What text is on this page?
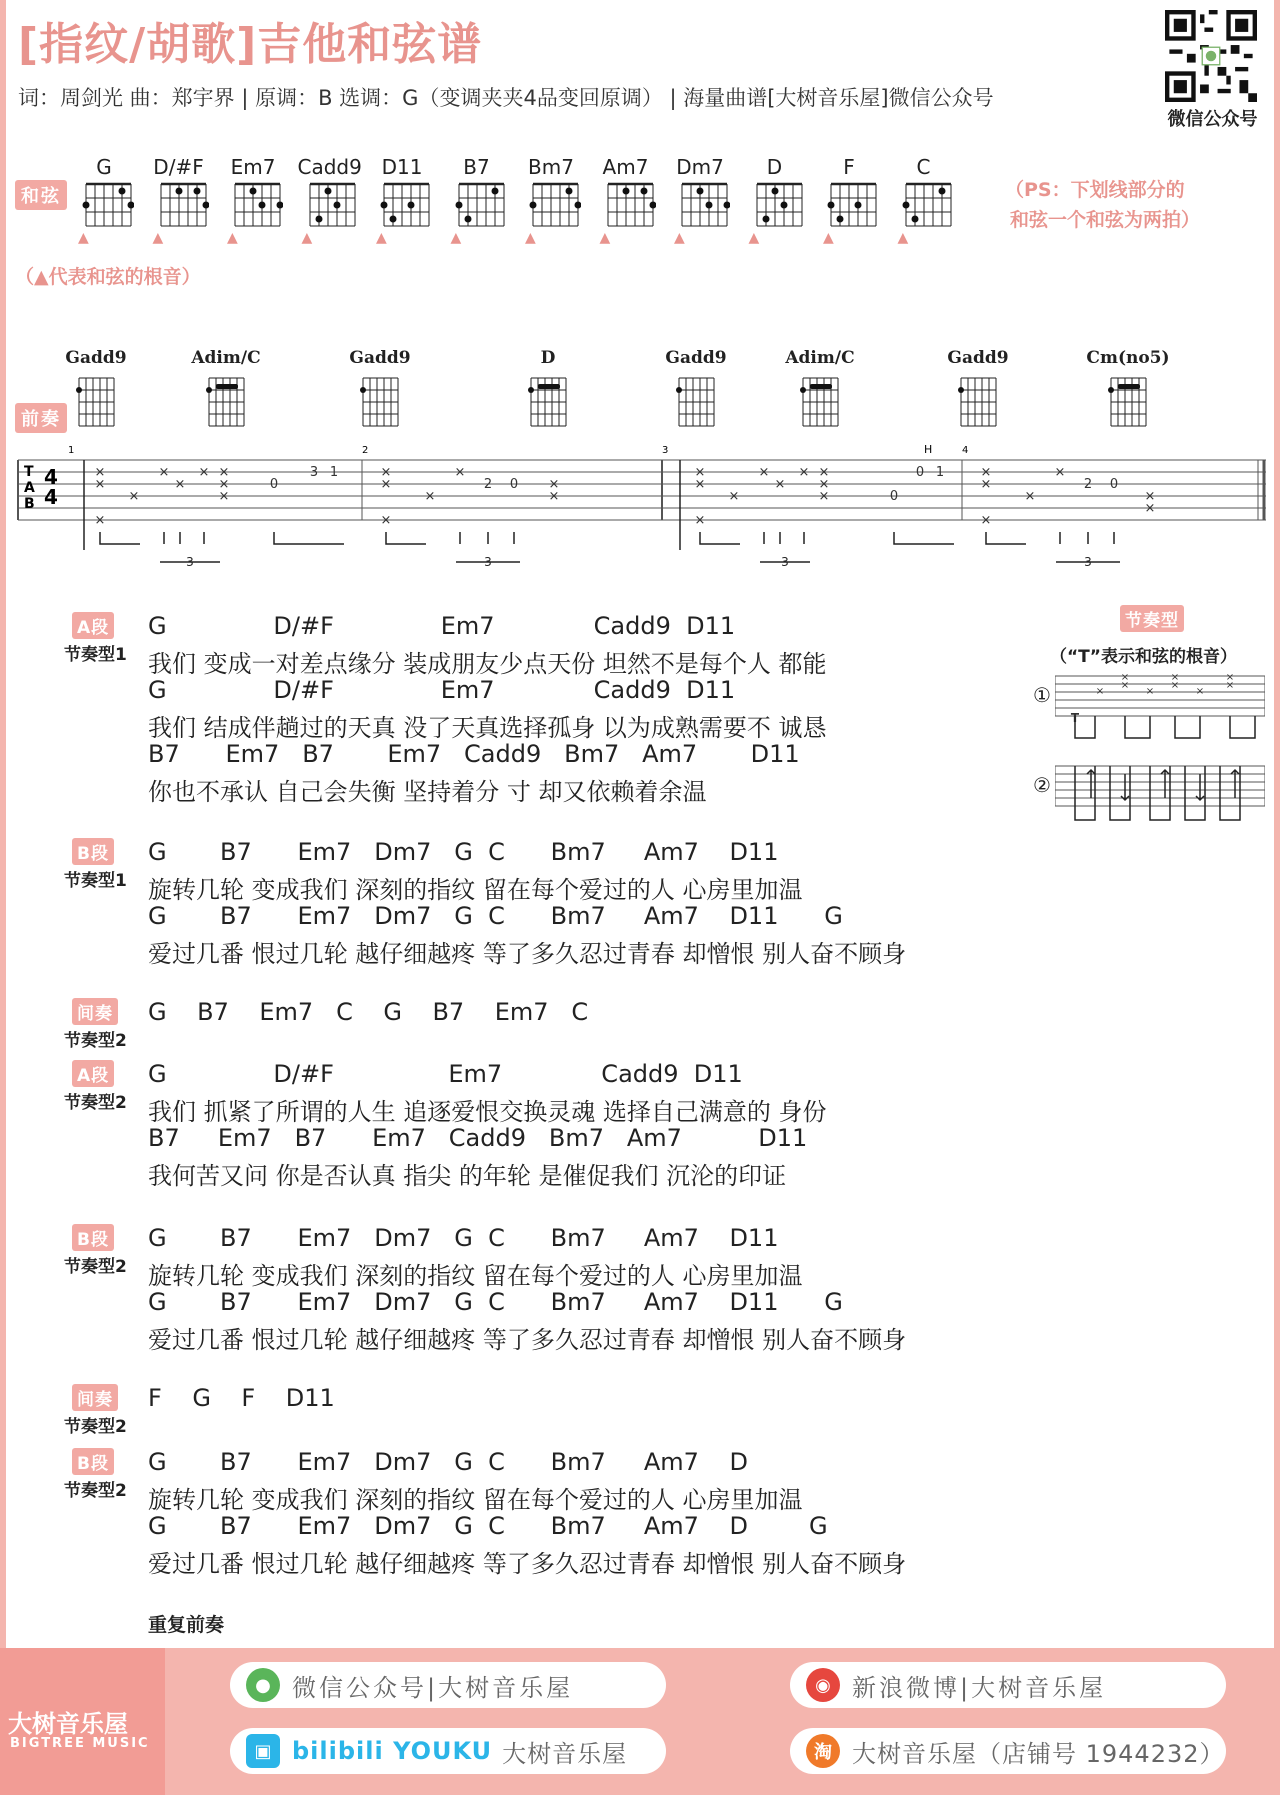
[指纹/胡歌]吉他和弦谱
词：周剑光 曲：郑宇界 | 原调：B 选调：G（变调夹夹4品变回原调） | 海量曲谱[大树音乐屋]微信公众号
微信公众号
和弦
G
▲
D/#F
▲
Em7
▲
Cadd9
▲
D11
▲
B7
▲
Bm7
▲
Am7
▲
Dm7
▲
D
▲
F
▲
C
▲
（PS：下划线部分的
和弦一个和弦为两拍）
（▲代表和弦的根音）
前奏
Gadd9	Adim/C	Gadd9	D	Gadd9	Adim/C	Gadd9	Cm(no5)
T
A
B
4
4
1	2	3	4
H
×
×
×
×
×
×
× ×
×
×
0
3 1	×
×
×
×
×
2 0 ×
×
×
×
×
×
×
×
× ×
×
×	0
0 1	×
×
×
×
×
2 0
×
×
3	3	3	3
节奏型
（“T”表示和弦的根音）
①
②
×
×
×
×
×
×
×
×
×
T
A段
节奏型1
G              D/#F              Em7             Cadd9  D11
我们 变成一对差点缘分 装成朋友少点天份 坦然不是每个人 都能
G              D/#F              Em7             Cadd9  D11
我们 结成伴趟过的天真 没了天真选择孤身 以为成熟需要不 诚恳
B7      Em7   B7       Em7   Cadd9   Bm7   Am7       D11
你也不承认 自己会失衡 坚持着分 寸 却又依赖着余温
B段
节奏型1
G       B7      Em7   Dm7   G  C      Bm7     Am7    D11
旋转几轮 变成我们 深刻的指纹 留在每个爱过的人 心房里加温
G       B7      Em7   Dm7   G  C      Bm7     Am7    D11      G
爱过几番 恨过几轮 越仔细越疼 等了多久忍过青春 却憎恨 别人奋不顾身
间奏
节奏型2
G    B7    Em7   C    G    B7    Em7   C
A段
节奏型2
G              D/#F               Em7             Cadd9  D11
我们 抓紧了所谓的人生 追逐爱恨交换灵魂 选择自己满意的 身份
B7     Em7   B7      Em7   Cadd9   Bm7   Am7          D11
我何苦又问 你是否认真 指尖 的年轮 是催促我们 沉沦的印证
B段
节奏型2
G       B7      Em7   Dm7   G  C      Bm7     Am7    D11
旋转几轮 变成我们 深刻的指纹 留在每个爱过的人 心房里加温
G       B7      Em7   Dm7   G  C      Bm7     Am7    D11      G
爱过几番 恨过几轮 越仔细越疼 等了多久忍过青春 却憎恨 别人奋不顾身
间奏
节奏型2
F    G    F    D11
B段
节奏型2
G       B7      Em7   Dm7   G  C      Bm7     Am7    D
旋转几轮 变成我们 深刻的指纹 留在每个爱过的人 心房里加温
G       B7      Em7   Dm7   G  C      Bm7     Am7    D        G
爱过几番 恨过几轮 越仔细越疼 等了多久忍过青春 却憎恨 别人奋不顾身
重复前奏
大树音乐屋
BIGTREE MUSIC
● 微信公众号|大树音乐屋	◉ 新浪微博|大树音乐屋
▣ bilibili YOUKU 大树音乐屋	淘 大树音乐屋（店铺号 1944232）
